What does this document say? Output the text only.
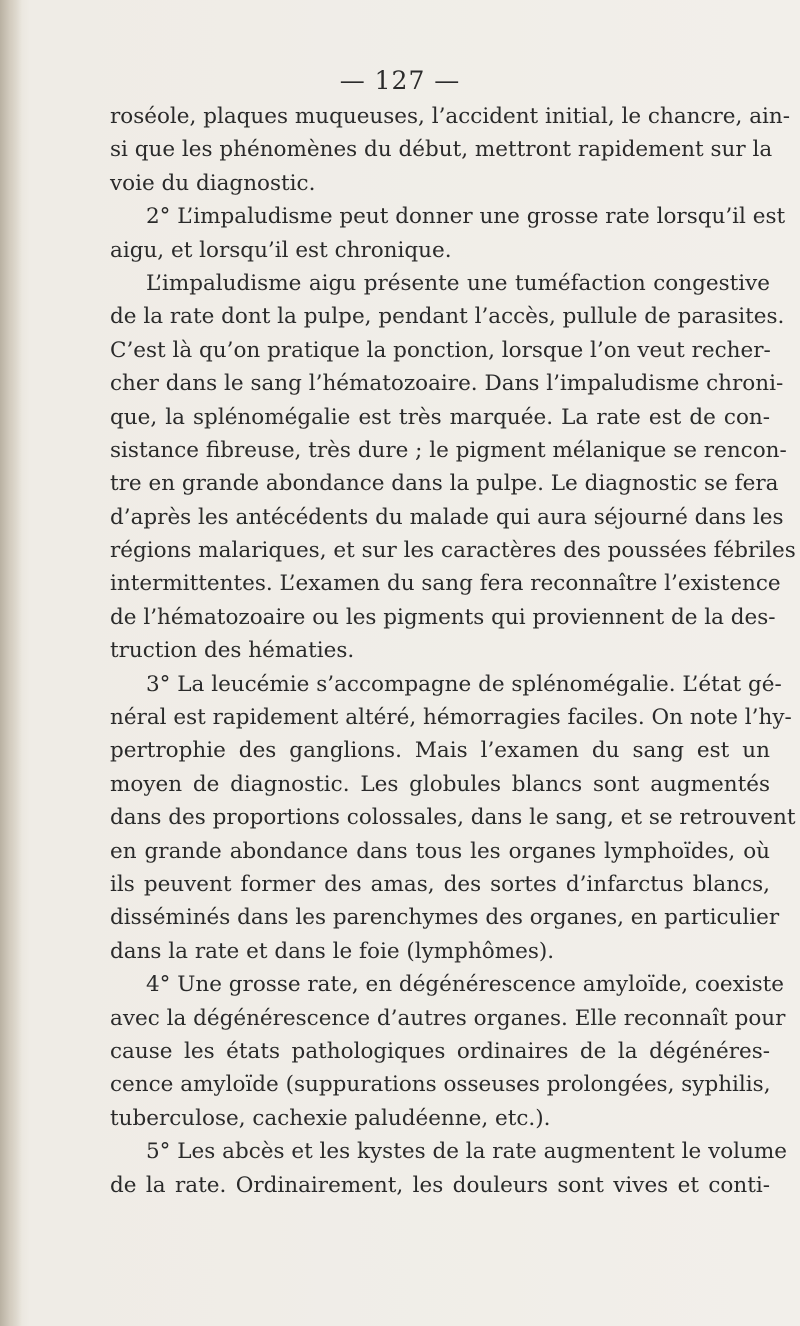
— 127 —
roséole, plaques muqueuses, l’accident initial, le chancre, ain-
si que les phénomènes du début, mettront rapidement sur la
voie du diagnostic.
2° L’impaludisme peut donner une grosse rate lorsqu’il est
aigu, et lorsqu’il est chronique.
L’impaludisme aigu présente une tuméfaction congestive
de la rate dont la pulpe, pendant l’accès, pullule de parasites.
C’est là qu’on pratique la ponction, lorsque l’on veut recher-
cher dans le sang l’hématozoaire. Dans l’impaludisme chroni-
que, la splénomégalie est très marquée. La rate est de con-
sistance fibreuse, très dure ; le pigment mélanique se rencon-
tre en grande abondance dans la pulpe. Le diagnostic se fera
d’après les antécédents du malade qui aura séjourné dans les
régions malariques, et sur les caractères des poussées fébriles
intermittentes. L’examen du sang fera reconnaître l’existence
de l’hématozoaire ou les pigments qui proviennent de la des-
truction des hématies.
3° La leucémie s’accompagne de splénomégalie. L’état gé-
néral est rapidement altéré, hémorragies faciles. On note l’hy-
pertrophie des ganglions. Mais l’examen du sang est un
moyen de diagnostic. Les globules blancs sont augmentés
dans des proportions colossales, dans le sang, et se retrouvent
en grande abondance dans tous les organes lymphoïdes, où
ils peuvent former des amas, des sortes d’infarctus blancs,
disséminés dans les parenchymes des organes, en particulier
dans la rate et dans le foie (lymphômes).
4° Une grosse rate, en dégénérescence amyloïde, coexiste
avec la dégénérescence d’autres organes. Elle reconnaît pour
cause les états pathologiques ordinaires de la dégénéres-
cence amyloïde (suppurations osseuses prolongées, syphilis,
tuberculose, cachexie paludéenne, etc.).
5° Les abcès et les kystes de la rate augmentent le volume
de la rate. Ordinairement, les douleurs sont vives et conti-
